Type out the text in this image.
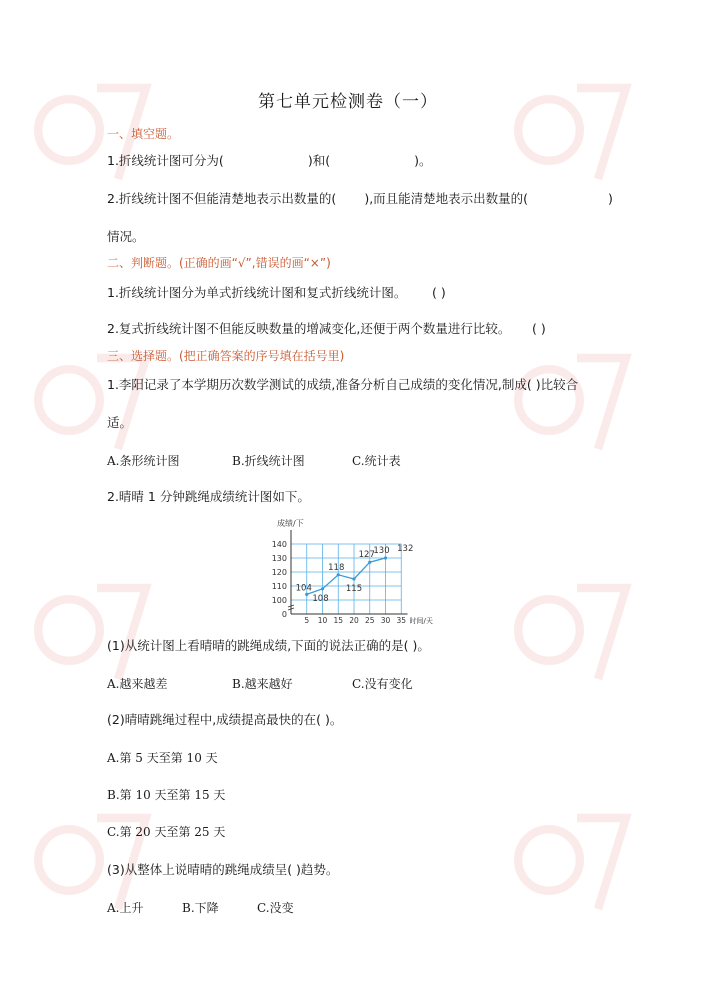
第七单元检测卷（一）
一、填空题。
1.折线统计图可分为(	)和(	)。
2.折线统计图不但能清楚地表示出数量的( ),而且能清楚地表示出数量的(	)
情况。
二、判断题。(正确的画“√”,错误的画“×”)
1.折线统计图分为单式折线统计图和复式折线统计图。 ( )
2.复式折线统计图不但能反映数量的增减变化,还便于两个数量进行比较。 ( )
三、选择题。(把正确答案的序号填在括号里)
1.李阳记录了本学期历次数学测试的成绩,准备分析自己成绩的变化情况,制成( )比较合
适。
A.条形统计图	B.折线统计图	C.统计表
2.晴晴 1 分钟跳绳成绩统计图如下。
成绩/下
时间/天
0
100
110
120
130
140
5 10 15 20 25 30 35
104
108
118
115
127
130 132
(1)从统计图上看晴晴的跳绳成绩,下面的说法正确的是( )。
A.越来越差	B.越来越好	C.没有变化
(2)晴晴跳绳过程中,成绩提高最快的在( )。
A.第 5 天至第 10 天
B.第 10 天至第 15 天
C.第 20 天至第 25 天
(3)从整体上说晴晴的跳绳成绩呈( )趋势。
A.上升	B.下降	C.没变
